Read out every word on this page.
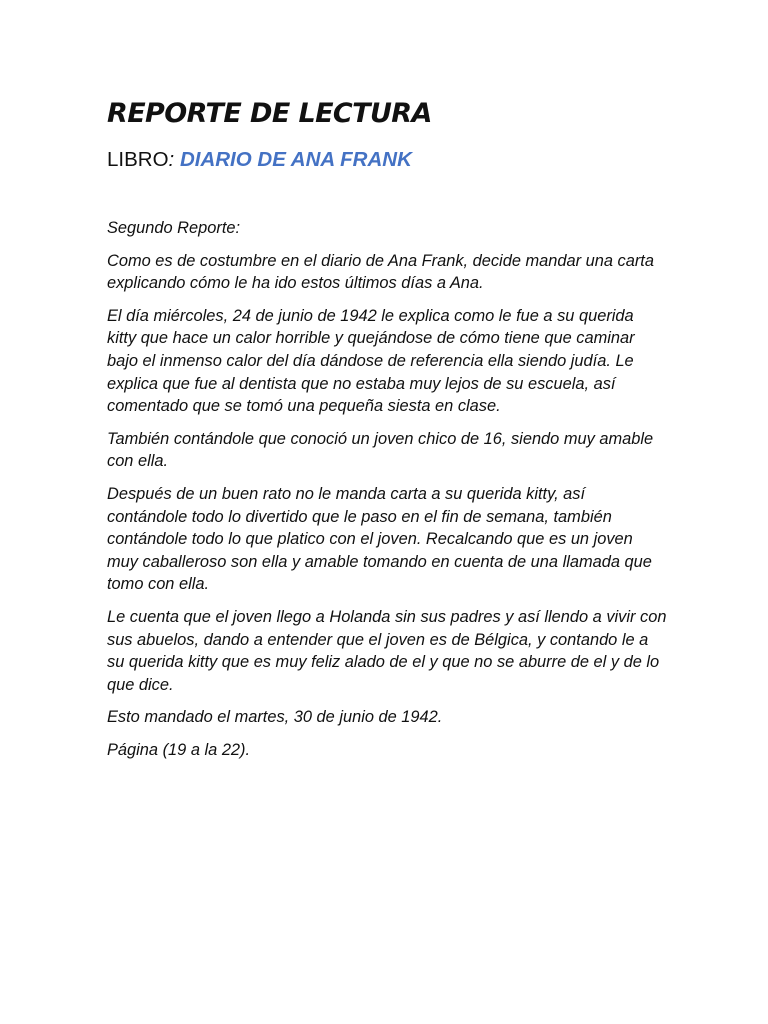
REPORTE DE LECTURA

LIBRO: DIARIO DE ANA FRANK

Segundo Reporte:

Como es de costumbre en el diario de Ana Frank, decide mandar una carta explicando cómo le ha ido estos últimos días a Ana.

El día miércoles, 24 de junio de 1942 le explica como le fue a su querida kitty que hace un calor horrible y quejándose de cómo tiene que caminar bajo el inmenso calor del día dándose de referencia ella siendo judía. Le explica que fue al dentista que no estaba muy lejos de su escuela, así comentado que se tomó una pequeña siesta en clase.

También contándole que conoció un joven chico de 16, siendo muy amable con ella.

Después de un buen rato no le manda carta a su querida kitty, así contándole todo lo divertido que le paso en el fin de semana, también contándole todo lo que platico con el joven. Recalcando que es un joven muy caballeroso son ella y amable tomando en cuenta de una llamada que tomo con ella.

Le cuenta que el joven llego a Holanda sin sus padres y así llendo a vivir con sus abuelos, dando a entender que el joven es de Bélgica, y contando le a su querida kitty que es muy feliz alado de el y que no se aburre de el y de lo que dice.

Esto mandado el martes, 30 de junio de 1942.

Página (19 a la 22).
